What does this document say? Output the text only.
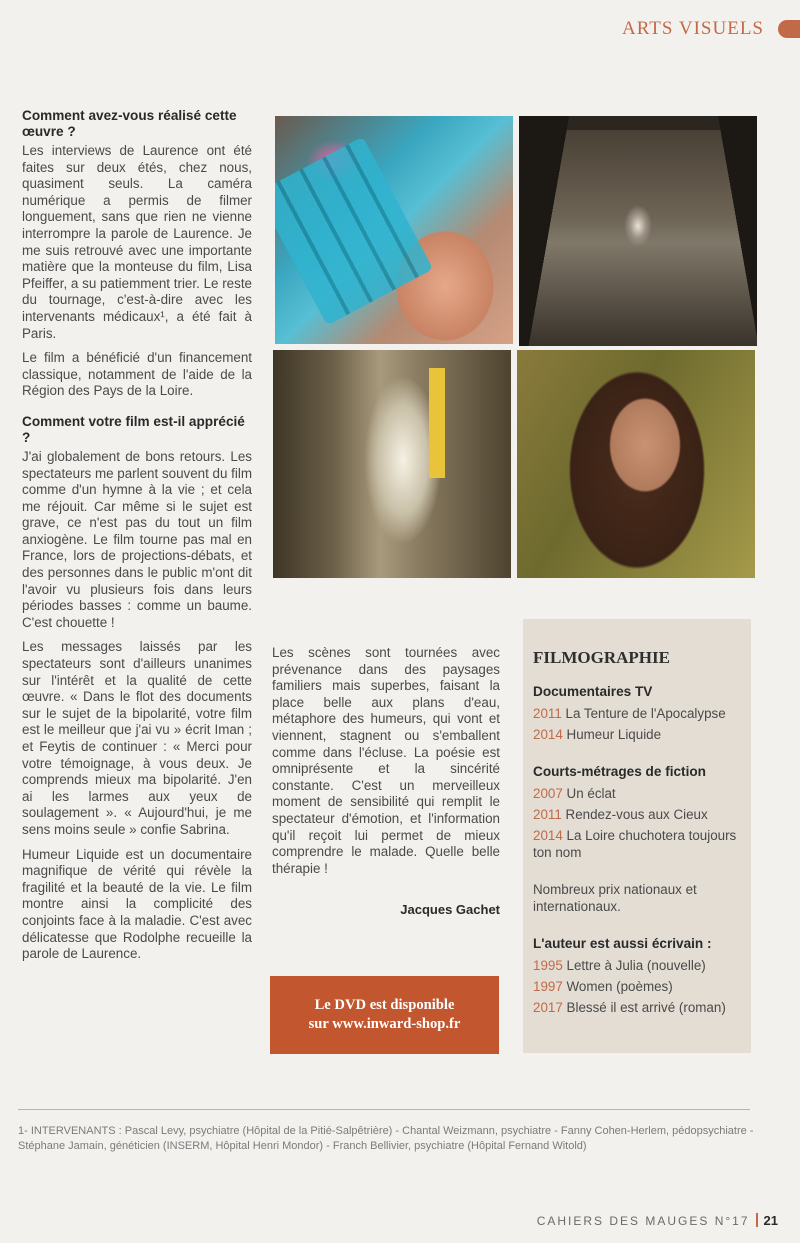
ARTS VISUELS
Comment avez-vous réalisé cette œuvre ?

Les interviews de Laurence ont été faites sur deux étés, chez nous, quasiment seuls. La caméra numérique a permis de filmer longuement, sans que rien ne vienne interrompre la parole de Laurence. Je me suis retrouvé avec une importante matière que la monteuse du film, Lisa Pfeiffer, a su patiemment trier. Le reste du tournage, c'est-à-dire avec les intervenants médicaux¹, a été fait à Paris.

Le film a bénéficié d'un financement classique, notamment de l'aide de la Région des Pays de la Loire.

Comment votre film est-il apprécié ?

J'ai globalement de bons retours. Les spectateurs me parlent souvent du film comme d'un hymne à la vie ; et cela me réjouit. Car même si le sujet est grave, ce n'est pas du tout un film anxiogène. Le film tourne pas mal en France, lors de projections-débats, et des personnes dans le public m'ont dit l'avoir vu plusieurs fois dans leurs périodes basses : comme un baume. C'est chouette !

Les messages laissés par les spectateurs sont d'ailleurs unanimes sur l'intérêt et la qualité de cette œuvre. « Dans le flot des documents sur le sujet de la bipolarité, votre film est le meilleur que j'ai vu » écrit Iman ; et Feytis de continuer : « Merci pour votre témoignage, à vous deux. Je comprends mieux ma bipolarité. J'en ai les larmes aux yeux de soulagement ». « Aujourd'hui, je me sens moins seule » confie Sabrina.

Humeur Liquide est un documentaire magnifique de vérité qui révèle la fragilité et la beauté de la vie. Le film montre ainsi la complicité des conjoints face à la maladie. C'est avec délicatesse que Rodolphe recueille la parole de Laurence.

Les scènes sont tournées avec prévenance dans des paysages familiers mais superbes, faisant la place belle aux plans d'eau, métaphore des humeurs, qui vont et viennent, stagnent ou s'emballent comme dans l'écluse. La poésie est omniprésente et la sincérité constante. C'est un merveilleux moment de sensibilité qui remplit le spectateur d'émotion, et l'information qu'il reçoit lui permet de mieux comprendre le malade. Quelle belle thérapie !

Jacques Gachet
Le DVD est disponible
sur www.inward-shop.fr
FILMOGRAPHIE
Documentaires TV
2011 La Tenture de l'Apocalypse
2014 Humeur Liquide
Courts-métrages de fiction
2007 Un éclat
2011 Rendez-vous aux Cieux
2014 La Loire chuchotera toujours ton nom
Nombreux prix nationaux et internationaux.
L'auteur est aussi écrivain :
1995 Lettre à Julia (nouvelle)
1997 Women (poèmes)
2017 Blessé il est arrivé (roman)
1- INTERVENANTS : Pascal Levy, psychiatre (Hôpital de la Pitié-Salpêtrière) - Chantal Weizmann, psychiatre - Fanny Cohen-Herlem, pédopsychiatre - Stéphane Jamain, généticien (INSERM, Hôpital Henri Mondor) - Franch Bellivier, psychiatre (Hôpital Fernand Witold)
CAHIERS DES MAUGES N°17 21
